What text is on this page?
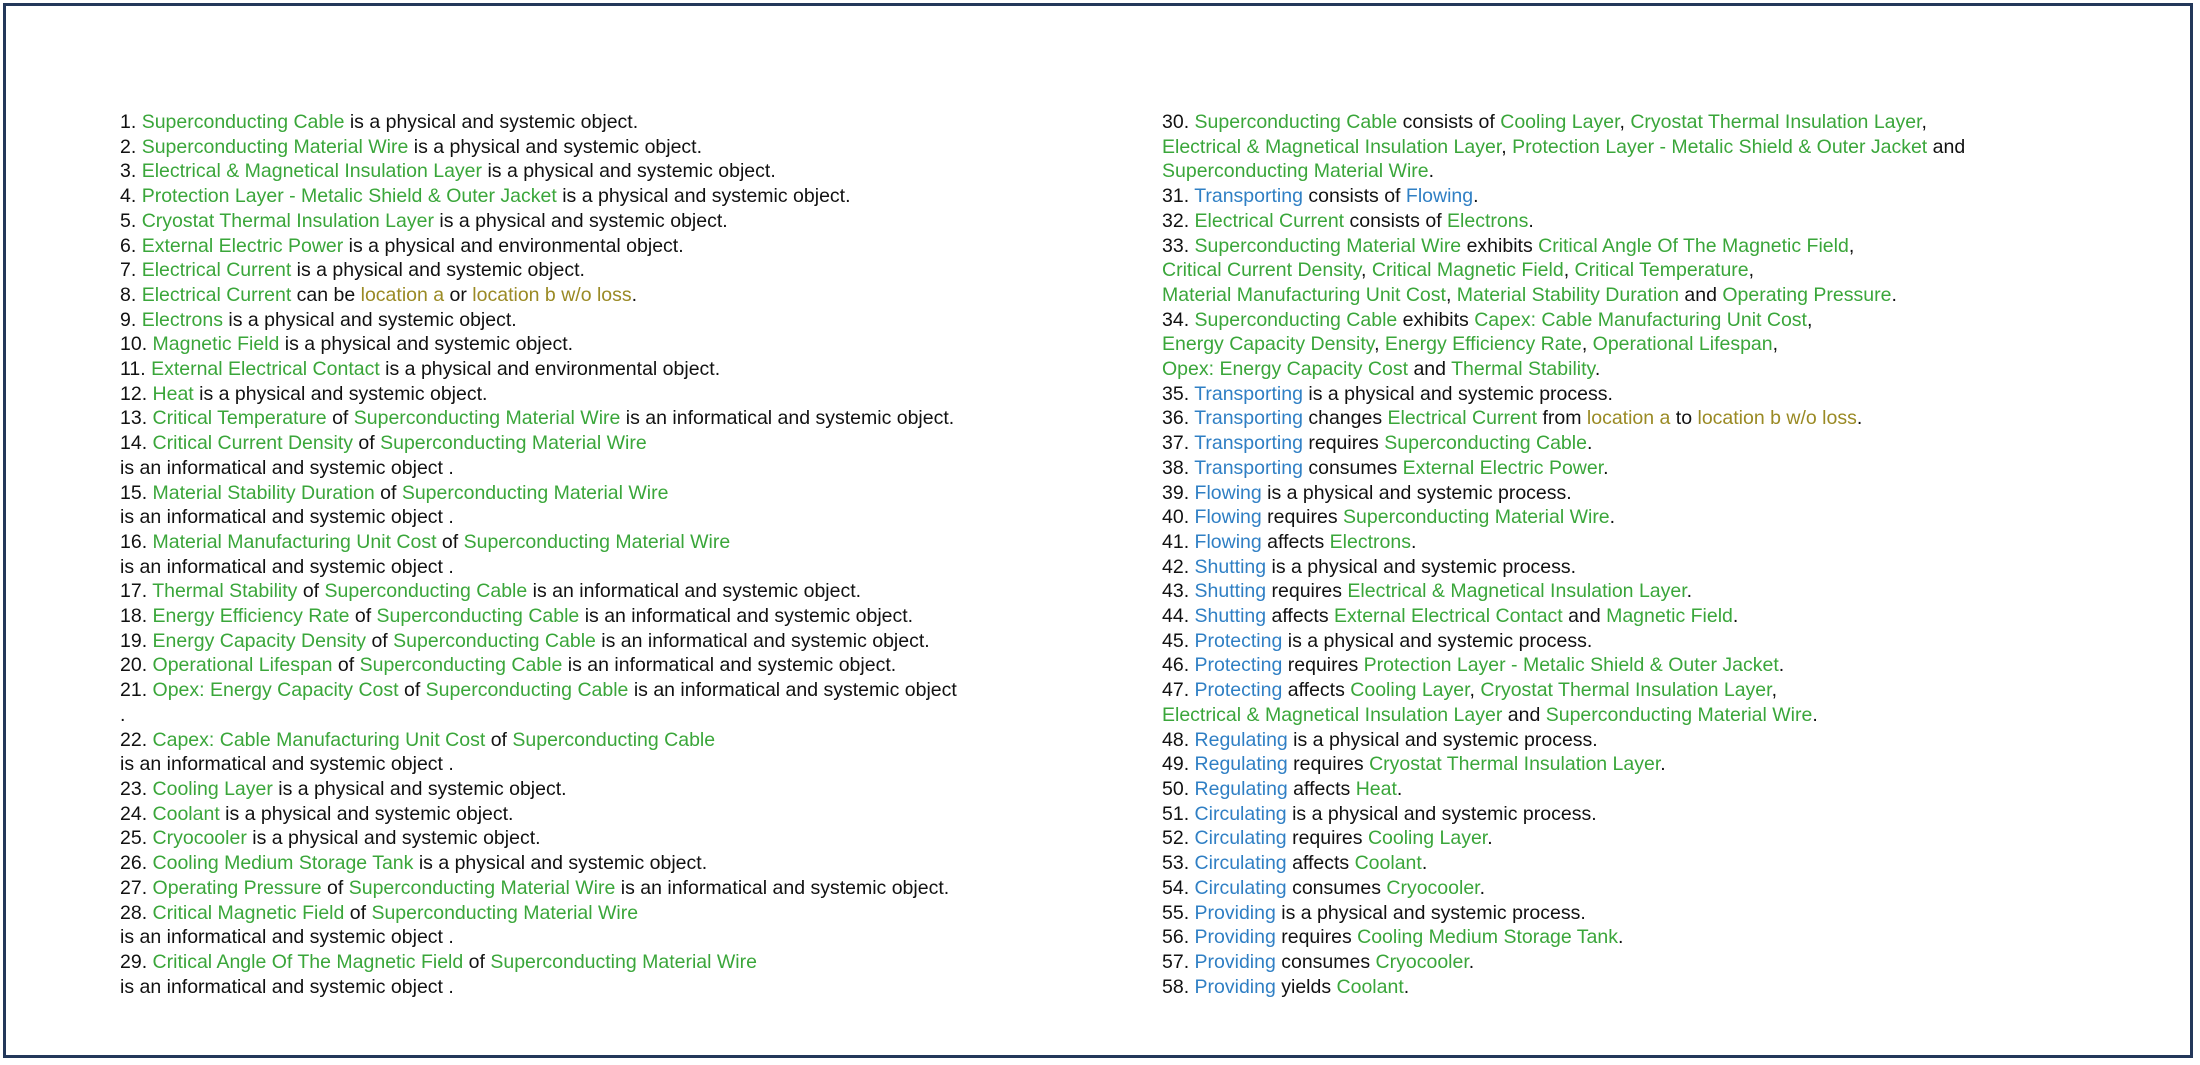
1. Superconducting Cable is a physical and systemic object.
2. Superconducting Material Wire is a physical and systemic object.
3. Electrical & Magnetical Insulation Layer is a physical and systemic object.
4. Protection Layer - Metalic Shield & Outer Jacket is a physical and systemic object.
5. Cryostat Thermal Insulation Layer is a physical and systemic object.
6. External Electric Power is a physical and environmental object.
7. Electrical Current is a physical and systemic object.
8. Electrical Current can be location a or location b w/o loss.
9. Electrons is a physical and systemic object.
10. Magnetic Field is a physical and systemic object.
11. External Electrical Contact is a physical and environmental object.
12. Heat is a physical and systemic object.
13. Critical Temperature of Superconducting Material Wire is an informatical and systemic object.
14. Critical Current Density of Superconducting Material Wire
is an informatical and systemic object .
15. Material Stability Duration of Superconducting Material Wire
is an informatical and systemic object .
16. Material Manufacturing Unit Cost of Superconducting Material Wire
is an informatical and systemic object .
17. Thermal Stability of Superconducting Cable is an informatical and systemic object.
18. Energy Efficiency Rate of Superconducting Cable is an informatical and systemic object.
19. Energy Capacity Density of Superconducting Cable is an informatical and systemic object.
20. Operational Lifespan of Superconducting Cable is an informatical and systemic object.
21. Opex: Energy Capacity Cost of Superconducting Cable is an informatical and systemic object
.
22. Capex: Cable Manufacturing Unit Cost of Superconducting Cable
is an informatical and systemic object .
23. Cooling Layer is a physical and systemic object.
24. Coolant is a physical and systemic object.
25. Cryocooler is a physical and systemic object.
26. Cooling Medium Storage Tank is a physical and systemic object.
27. Operating Pressure of Superconducting Material Wire is an informatical and systemic object.
28. Critical Magnetic Field of Superconducting Material Wire
is an informatical and systemic object .
29. Critical Angle Of The Magnetic Field of Superconducting Material Wire
is an informatical and systemic object .
30. Superconducting Cable consists of Cooling Layer, Cryostat Thermal Insulation Layer,
Electrical & Magnetical Insulation Layer, Protection Layer - Metalic Shield & Outer Jacket and
Superconducting Material Wire.
31. Transporting consists of Flowing.
32. Electrical Current consists of Electrons.
33. Superconducting Material Wire exhibits Critical Angle Of The Magnetic Field,
Critical Current Density, Critical Magnetic Field, Critical Temperature,
Material Manufacturing Unit Cost, Material Stability Duration and Operating Pressure.
34. Superconducting Cable exhibits Capex: Cable Manufacturing Unit Cost,
Energy Capacity Density, Energy Efficiency Rate, Operational Lifespan,
Opex: Energy Capacity Cost and Thermal Stability.
35. Transporting is a physical and systemic process.
36. Transporting changes Electrical Current from location a to location b w/o loss.
37. Transporting requires Superconducting Cable.
38. Transporting consumes External Electric Power.
39. Flowing is a physical and systemic process.
40. Flowing requires Superconducting Material Wire.
41. Flowing affects Electrons.
42. Shutting is a physical and systemic process.
43. Shutting requires Electrical & Magnetical Insulation Layer.
44. Shutting affects External Electrical Contact and Magnetic Field.
45. Protecting is a physical and systemic process.
46. Protecting requires Protection Layer - Metalic Shield & Outer Jacket.
47. Protecting affects Cooling Layer, Cryostat Thermal Insulation Layer,
Electrical & Magnetical Insulation Layer and Superconducting Material Wire.
48. Regulating is a physical and systemic process.
49. Regulating requires Cryostat Thermal Insulation Layer.
50. Regulating affects Heat.
51. Circulating is a physical and systemic process.
52. Circulating requires Cooling Layer.
53. Circulating affects Coolant.
54. Circulating consumes Cryocooler.
55. Providing is a physical and systemic process.
56. Providing requires Cooling Medium Storage Tank.
57. Providing consumes Cryocooler.
58. Providing yields Coolant.
